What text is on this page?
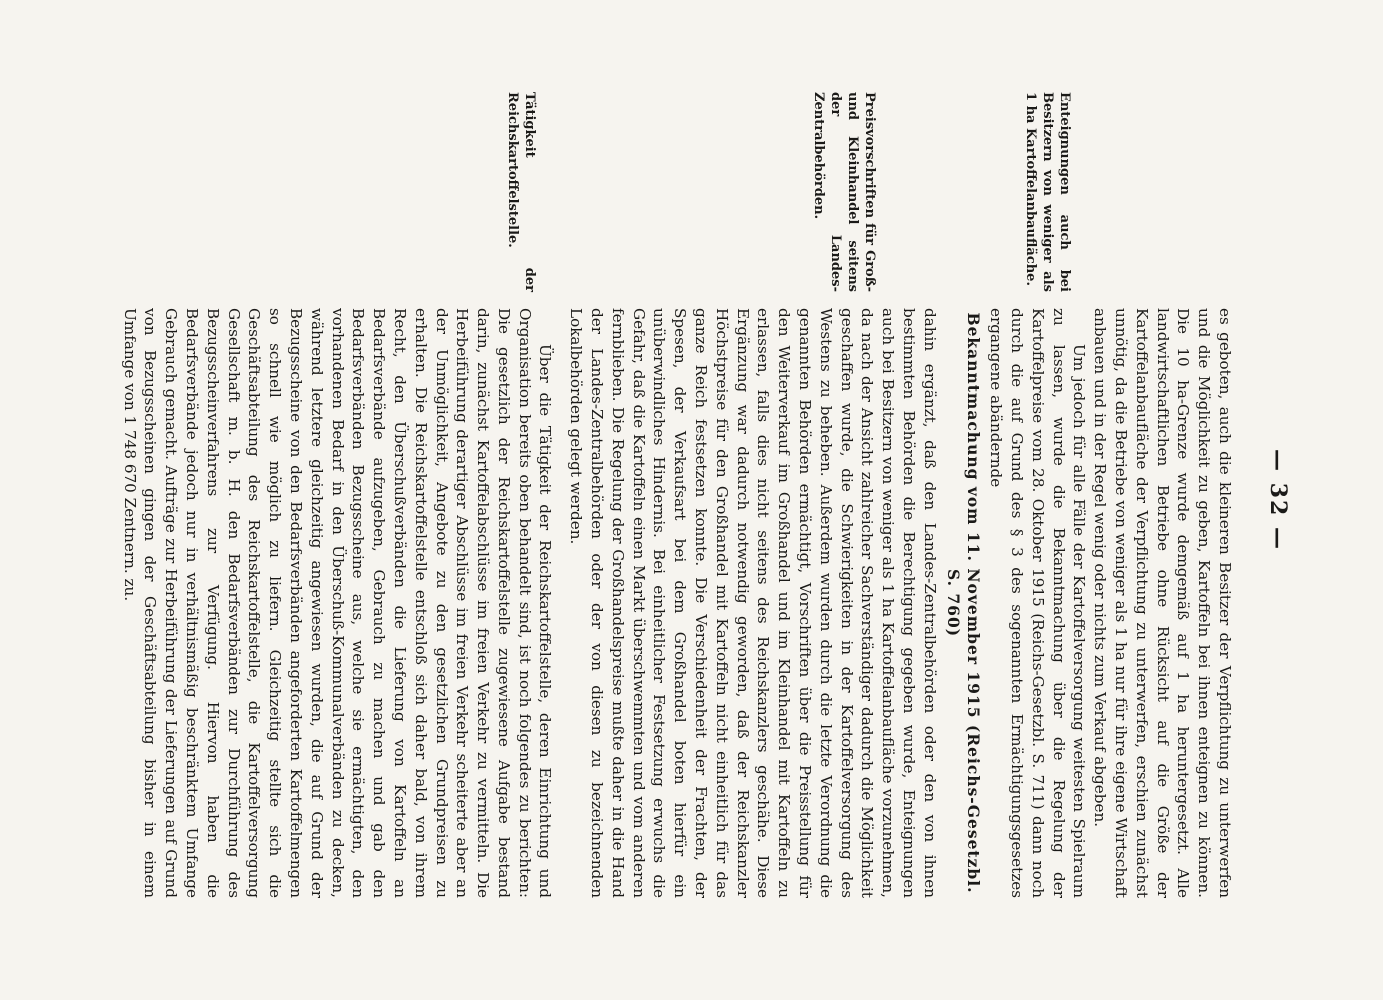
— 32 —
Enteignungen auch bei Besitzern von weniger als 1 ha Kartoffelanbaufläche.
Preisvorschriften für Groß- und Kleinhandel seitens der Landes-Zentralbehörden.
Tätigkeit der Reichskartoffelstelle.

es geboten, auch die kleineren Besitzer der Verpflichtung zu unterwerfen und die Möglichkeit zu geben, Kartoffeln bei ihnen enteignen zu können. Die 10 ha-Grenze wurde demgemäß auf 1 ha heruntergesetzt. Alle landwirtschaftlichen Betriebe ohne Rücksicht auf die Größe der Kartoffelanbaufläche der Verpflichtung zu unterwerfen, erschien zunächst unnötig, da die Betriebe von weniger als 1 ha nur für ihre eigene Wirtschaft anbauen und in der Regel wenig oder nichts zum Verkauf abgeben.

Um jedoch für alle Fälle der Kartoffelversorgung weitesten Spielraum zu lassen, wurde die Bekanntmachung über die Regelung der Kartoffelpreise vom 28. Oktober 1915 (Reichs-Gesetzbl. S. 711) dann noch durch die auf Grund des § 3 des sogenannten Ermächtigungsgesetzes ergangene abändernde

Bekanntmachung vom 11. November 1915 (Reichs-Gesetzbl. S. 760)

dahin ergänzt, daß den Landes-Zentralbehörden oder den von ihnen bestimmten Behörden die Berechtigung gegeben wurde, Enteignungen auch bei Besitzern von weniger als 1 ha Kartoffelanbaufläche vorzunehmen, da nach der Ansicht zahlreicher Sachverständiger dadurch die Möglichkeit geschaffen wurde, die Schwierigkeiten in der Kartoffelversorgung des Westens zu beheben. Außerdem wurden durch die letzte Verordnung die genannten Behörden ermächtigt, Vorschriften über die Preisstellung für den Weiterverkauf im Großhandel und im Kleinhandel mit Kartoffeln zu erlassen, falls dies nicht seitens des Reichskanzlers geschähe. Diese Ergänzung war dadurch notwendig geworden, daß der Reichskanzler Höchstpreise für den Großhandel mit Kartoffeln nicht einheitlich für das ganze Reich festsetzen konnte. Die Verschiedenheit der Frachten, der Spesen, der Verkaufsart bei dem Großhandel boten hierfür ein unüberwindliches Hindernis. Bei einheitlicher Festsetzung erwuchs die Gefahr, daß die Kartoffeln einen Markt überschwemmten und vom anderen fernblieben. Die Regelung der Großhandelspreise mußte daher in die Hand der Landes-Zentralbehörden oder der von diesen zu bezeichnenden Lokalbehörden gelegt werden.

Über die Tätigkeit der Reichskartoffelstelle, deren Einrichtung und Organisation bereits oben behandelt sind, ist noch folgendes zu berichten: Die gesetzlich der Reichskartoffelstelle zugewiesene Aufgabe bestand darin, zunächst Kartoffelabschlüsse im freien Verkehr zu vermitteln. Die Herbeiführung derartiger Abschlüsse im freien Verkehr scheiterte aber an der Unmöglichkeit, Angebote zu den gesetzlichen Grundpreisen zu erhalten. Die Reichskartoffelstelle entschloß sich daher bald, von ihrem Recht, den Überschußverbänden die Lieferung von Kartoffeln an Bedarfsverbände aufzugeben, Gebrauch zu machen und gab den Bedarfsverbänden Bezugsscheine aus, welche sie ermächtigten, den vorhandenen Bedarf in den Überschuß-Kommunalverbänden zu decken, während letztere gleichzeitig angewiesen wurden, die auf Grund der Bezugsscheine von den Bedarfsverbänden angeforderten Kartoffelmengen so schnell wie möglich zu liefern. Gleichzeitig stellte sich die Geschäftsabteilung des Reichskartoffelstelle, die Kartoffelversorgung Gesellschaft m. b. H. den Bedarfsverbänden zur Durchführung des Bezugsscheinverfahrens zur Verfügung. Hiervon haben die Bedarfsverbände jedoch nur in verhältnismäßig beschränktem Umfange Gebrauch gemacht. Aufträge zur Herbeiführung der Lieferungen auf Grund von Bezugsscheinen gingen der Geschäftsabteilung bisher in einem Umfange von 1 748 670 Zentnern. zu.
